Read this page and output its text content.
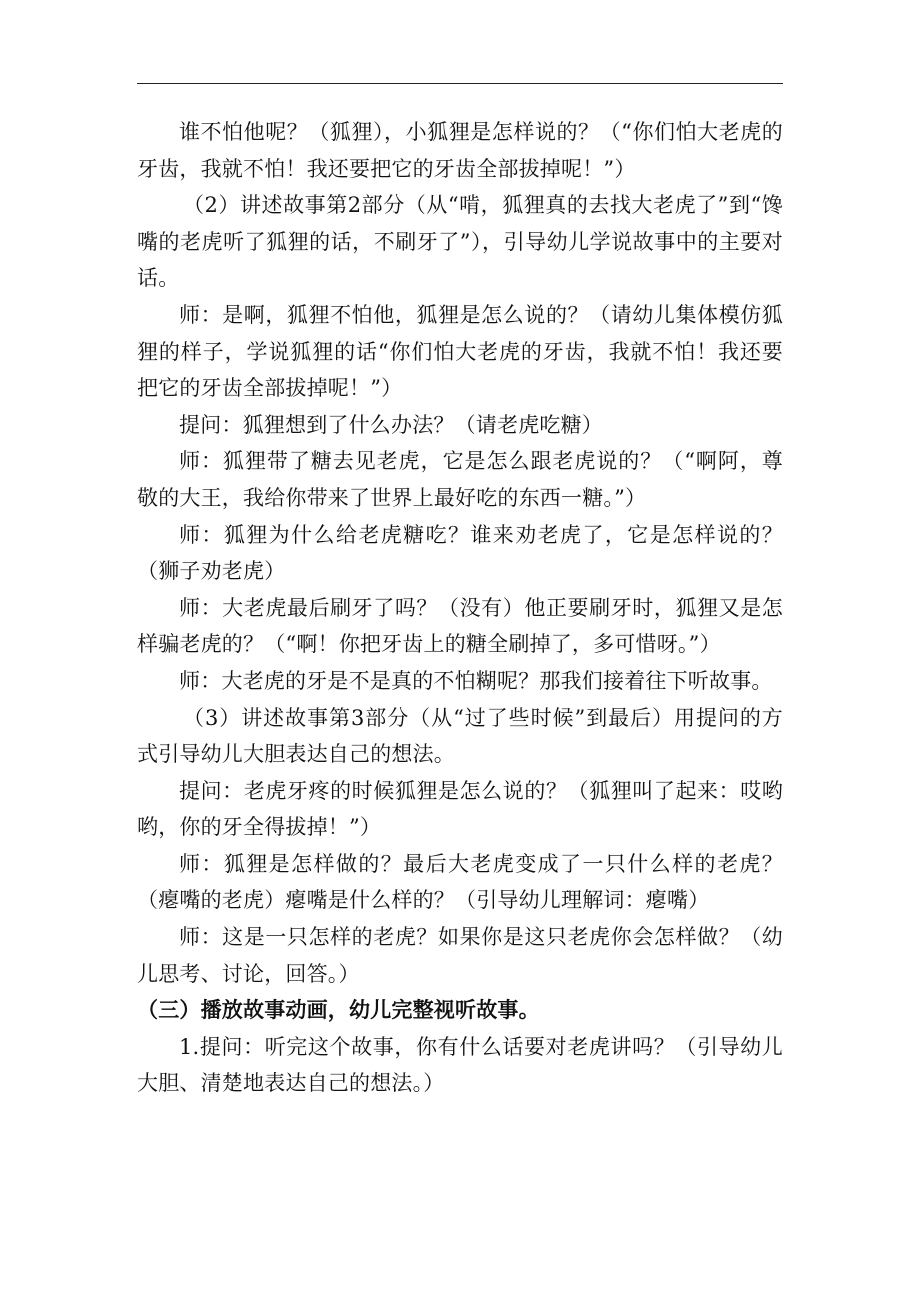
谁不怕他呢？（狐狸），小狐狸是怎样说的？（“你们怕大老虎的牙齿，我就不怕！我还要把它的牙齿全部拔掉呢！”）

（2）讲述故事第2部分（从“啃，狐狸真的去找大老虎了”到“馋嘴的老虎听了狐狸的话，不刷牙了”），引导幼儿学说故事中的主要对话。

师：是啊，狐狸不怕他，狐狸是怎么说的？（请幼儿集体模仿狐狸的样子，学说狐狸的话“你们怕大老虎的牙齿，我就不怕！我还要把它的牙齿全部拔掉呢！”）

提问：狐狸想到了什么办法？（请老虎吃糖）

师：狐狸带了糖去见老虎，它是怎么跟老虎说的？（“啊阿，尊敬的大王，我给你带来了世界上最好吃的东西一糖。”）

师：狐狸为什么给老虎糖吃？谁来劝老虎了，它是怎样说的？（狮子劝老虎）

师：大老虎最后刷牙了吗？（没有）他正要刷牙时，狐狸又是怎样骗老虎的？（“啊！你把牙齿上的糖全刷掉了，多可惜呀。”）

师：大老虎的牙是不是真的不怕糊呢？那我们接着往下听故事。

（3）讲述故事第3部分（从“过了些时候”到最后）用提问的方式引导幼儿大胆表达自己的想法。

提问：老虎牙疼的时候狐狸是怎么说的？（狐狸叫了起来：哎哟哟，你的牙全得拔掉！”）

师：狐狸是怎样做的？最后大老虎变成了一只什么样的老虎？（瘪嘴的老虎）瘪嘴是什么样的？（引导幼儿理解词：瘪嘴）

师：这是一只怎样的老虎？如果你是这只老虎你会怎样做？（幼儿思考、讨论，回答。）

（三）播放故事动画，幼儿完整视听故事。

1.提问：听完这个故事，你有什么话要对老虎讲吗？（引导幼儿大胆、清楚地表达自己的想法。）
